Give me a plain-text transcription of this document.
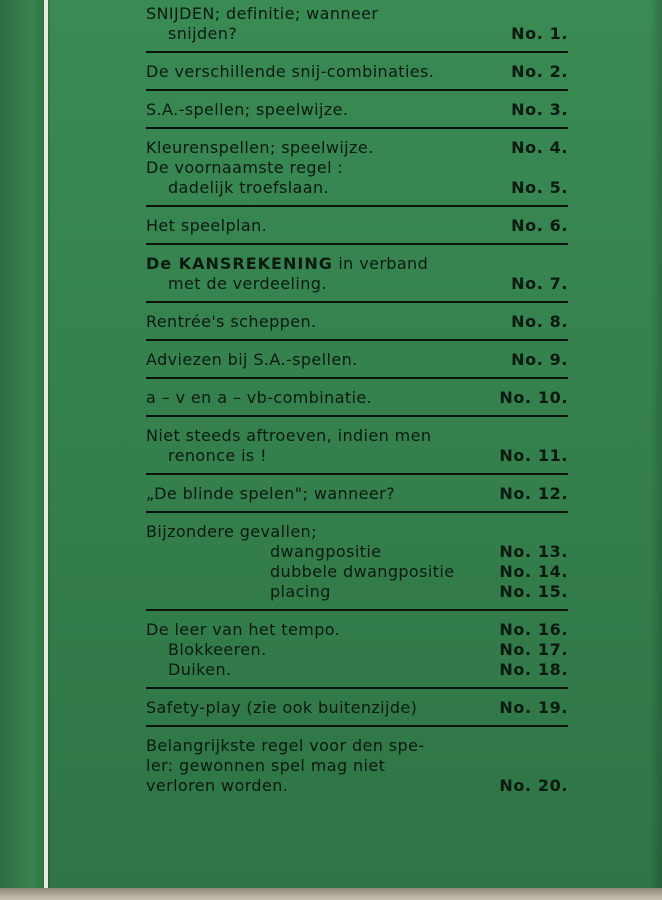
SNIJDEN; definitie; wanneer
snijden?	No. 1.
De verschillende snij-combinaties.	No. 2.
S.A.-spellen; speelwijze.	No. 3.
Kleurenspellen; speelwijze.	No. 4.
De voornaamste regel :
dadelijk troefslaan.	No. 5.
Het speelplan.	No. 6.
De KANSREKENING in verband
met de verdeeling.	No. 7.
Rentrée's scheppen.	No. 8.
Adviezen bij S.A.-spellen.	No. 9.
a – v en a – vb-combinatie.	No. 10.
Niet steeds aftroeven, indien men
renonce is !	No. 11.
„De blinde spelen"; wanneer?	No. 12.
Bijzondere gevallen;
dwangpositie	No. 13.
dubbele dwangpositie	No. 14.
placing	No. 15.
De leer van het tempo.	No. 16.
Blokkeeren.	No. 17.
Duiken.	No. 18.
Safety-play (zie ook buitenzijde)	No. 19.
Belangrijkste regel voor den spe-
ler: gewonnen spel mag niet
verloren worden.	No. 20.
